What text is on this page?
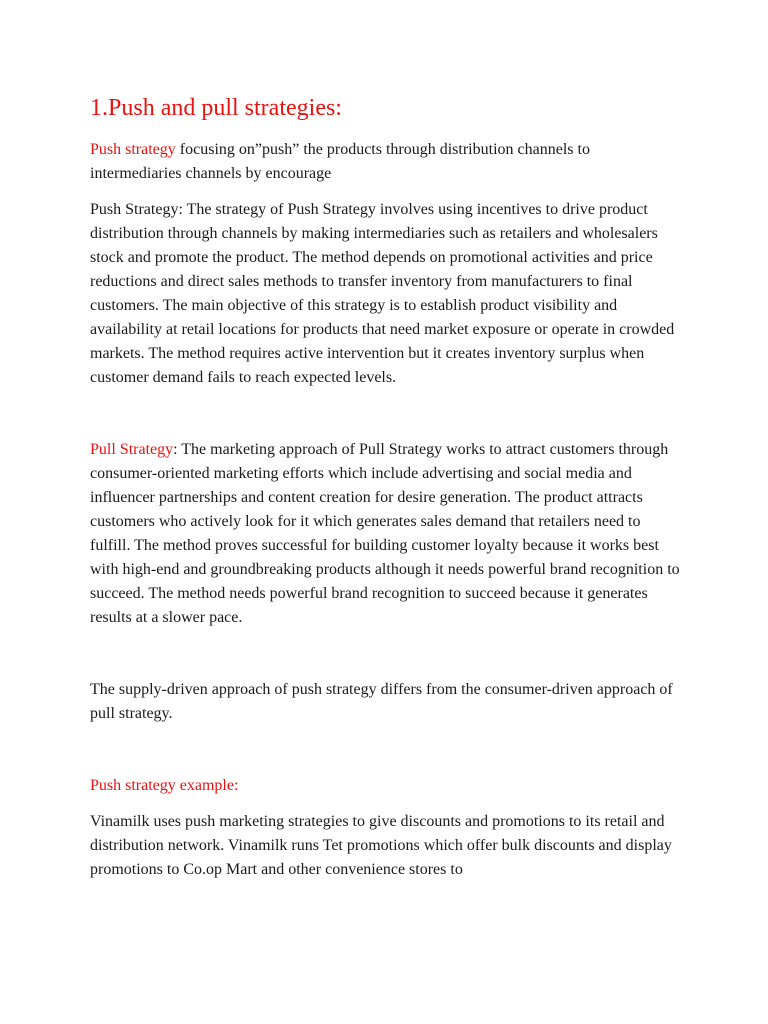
1.Push and pull strategies:

Push strategy focusing on”push” the products through distribution channels to intermediaries channels by encourage

Push Strategy: The strategy of Push Strategy involves using incentives to drive product distribution through channels by making intermediaries such as retailers and wholesalers stock and promote the product. The method depends on promotional activities and price reductions and direct sales methods to transfer inventory from manufacturers to final customers. The main objective of this strategy is to establish product visibility and availability at retail locations for products that need market exposure or operate in crowded markets. The method requires active intervention but it creates inventory surplus when customer demand fails to reach expected levels.

Pull Strategy: The marketing approach of Pull Strategy works to attract customers through consumer-oriented marketing efforts which include advertising and social media and influencer partnerships and content creation for desire generation. The product attracts customers who actively look for it which generates sales demand that retailers need to fulfill. The method proves successful for building customer loyalty because it works best with high-end and groundbreaking products although it needs powerful brand recognition to succeed. The method needs powerful brand recognition to succeed because it generates results at a slower pace.

The supply-driven approach of push strategy differs from the consumer-driven approach of pull strategy.

Push strategy example:

Vinamilk uses push marketing strategies to give discounts and promotions to its retail and distribution network. Vinamilk runs Tet promotions which offer bulk discounts and display promotions to Co.op Mart and other convenience stores to
